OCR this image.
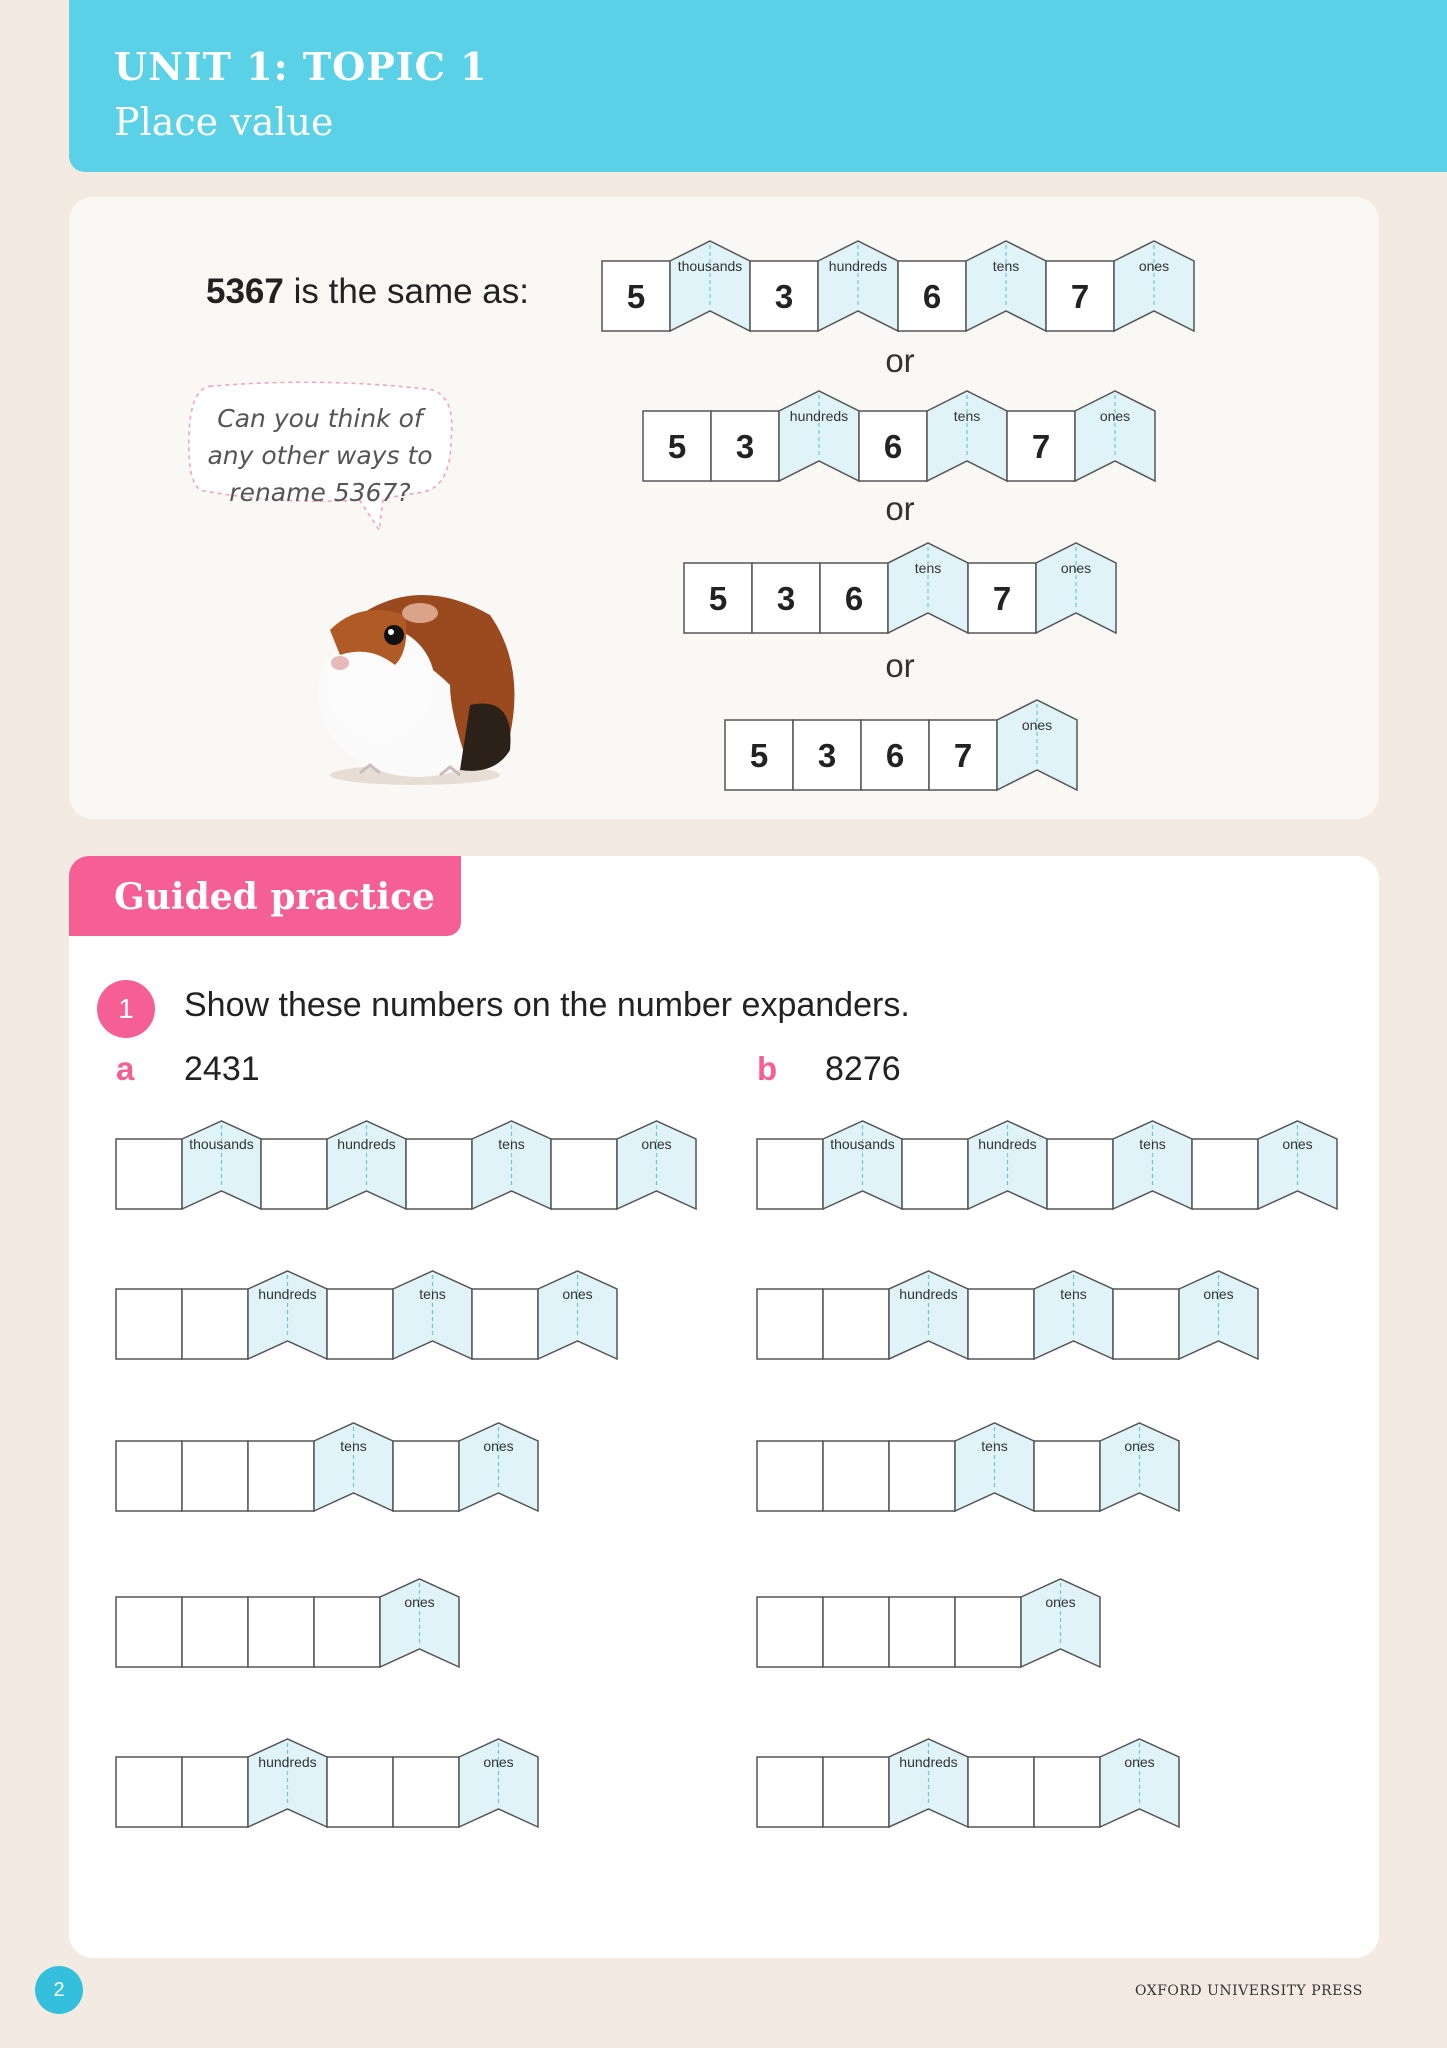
UNIT 1: TOPIC 1
Place value
5367 is the same as:	5
thousands
3
hundreds
6
tens
7
ones
5 3
hundreds
6
tens
7
ones
5 3 6
tens
7
ones
5 3 6 7
ones
or
or
or
Can you think of
any other ways to
rename 5367?
Guided practice
1	Show these numbers on the number expanders.
a 2431	b 8276
thousands	hundreds	tens	ones
hundreds	tens	ones
tens	ones
ones
hundreds	ones
thousands	hundreds	tens	ones
hundreds	tens	ones
tens	ones
ones
hundreds	ones
2	OXFORD UNIVERSITY PRESS
